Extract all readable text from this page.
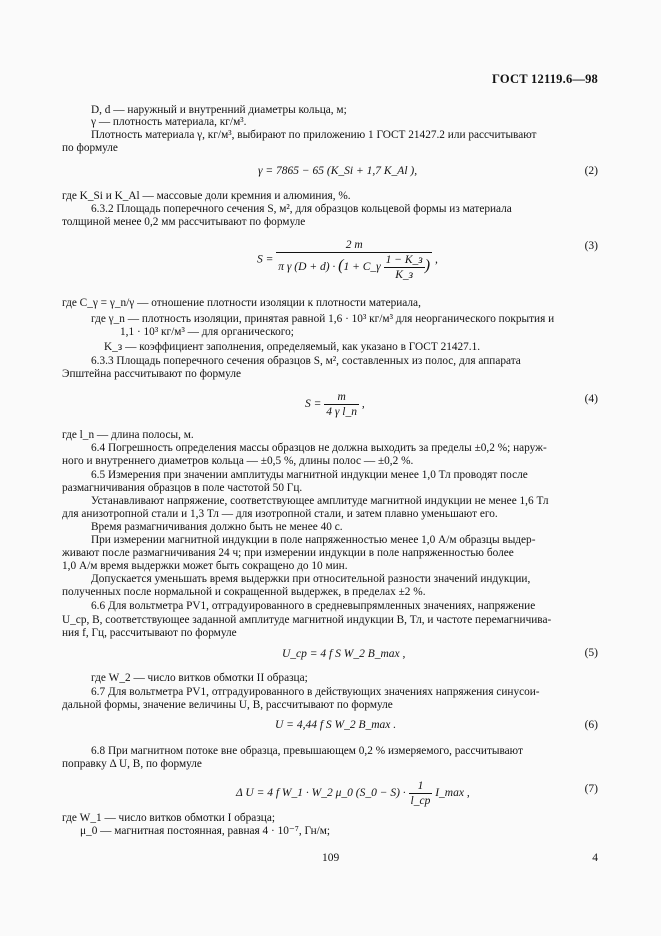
ГОСТ 12119.6—98
D, d — наружный и внутренний диаметры кольца, м;
γ — плотность материала, кг/м³.
Плотность материала γ, кг/м³, выбирают по приложению 1 ГОСТ 21427.2 или рассчитывают
по формуле
где K_Si и K_Al — массовые доли кремния и алюминия, %.
6.3.2 Площадь поперечного сечения S, м², для образцов кольцевой формы из материала
толщиной менее 0,2 мм рассчитывают по формуле
где C_γ = γ_n/γ — отношение плотности изоляции к плотности материала,
где γ_n — плотность изоляции, принятая равной 1,6 · 10³ кг/м³ для неорганического покрытия и
1,1 · 10³ кг/м³ — для органического;
K_з — коэффициент заполнения, определяемый, как указано в ГОСТ 21427.1.
6.3.3 Площадь поперечного сечения образцов S, м², составленных из полос, для аппарата
Эпштейна рассчитывают по формуле
где l_n — длина полосы, м.
6.4 Погрешность определения массы образцов не должна выходить за пределы ±0,2 %; наруж-
ного и внутреннего диаметров кольца — ±0,5 %, длины полос — ±0,2 %.
6.5 Измерения при значении амплитуды магнитной индукции менее 1,0 Тл проводят после
размагничивания образцов в поле частотой 50 Гц.
Устанавливают напряжение, соответствующее амплитуде магнитной индукции не менее 1,6 Тл
для анизотропной стали и 1,3 Тл — для изотропной стали, и затем плавно уменьшают его.
Время размагничивания должно быть не менее 40 с.
При измерении магнитной индукции в поле напряженностью менее 1,0 А/м образцы выдер-
живают после размагничивания 24 ч; при измерении индукции в поле напряженностью более
1,0 А/м время выдержки может быть сокращено до 10 мин.
Допускается уменьшать время выдержки при относительной разности значений индукции,
полученных после нормальной и сокращенной выдержек, в пределах ±2 %.
6.6 Для вольтметра PV1, отградуированного в средневыпрямленных значениях, напряжение
U_ср, В, соответствующее заданной амплитуде магнитной индукции B, Тл, и частоте перемагничива-
ния f, Гц, рассчитывают по формуле
где W_2 — число витков обмотки II образца;
6.7 Для вольтметра PV1, отградуированного в действующих значениях напряжения синусои-
дальной формы, значение величины U, В, рассчитывают по формуле
6.8 При магнитном потоке вне образца, превышающем 0,2 % измеряемого, рассчитывают
поправку Δ U, В, по формуле
где W_1 — число витков обмотки I образца;
μ_0 — магнитная постоянная, равная 4 · 10⁻⁷, Гн/м;
γ = 7865 − 65 (K_Si + 1,7 K_Al ),	(2)
S =
2 m
π γ (D + d) · (1 + C_γ $\frac{1 - K\_з}{K\_з}$ ) ,
(3)
$S = \frac{m}{\text{4 γ l\_n}}$ ,	(4)
U_ср = 4 f S W_2 B_max ,	(5)
U = 4,44 f S W_2 B_max .	(6)
Δ U = 4 f W_1 · W_2 μ_0 (S_0 − $S) \cdot \frac{1}{l\_ср}$ I_max ,	(7)
109	4
